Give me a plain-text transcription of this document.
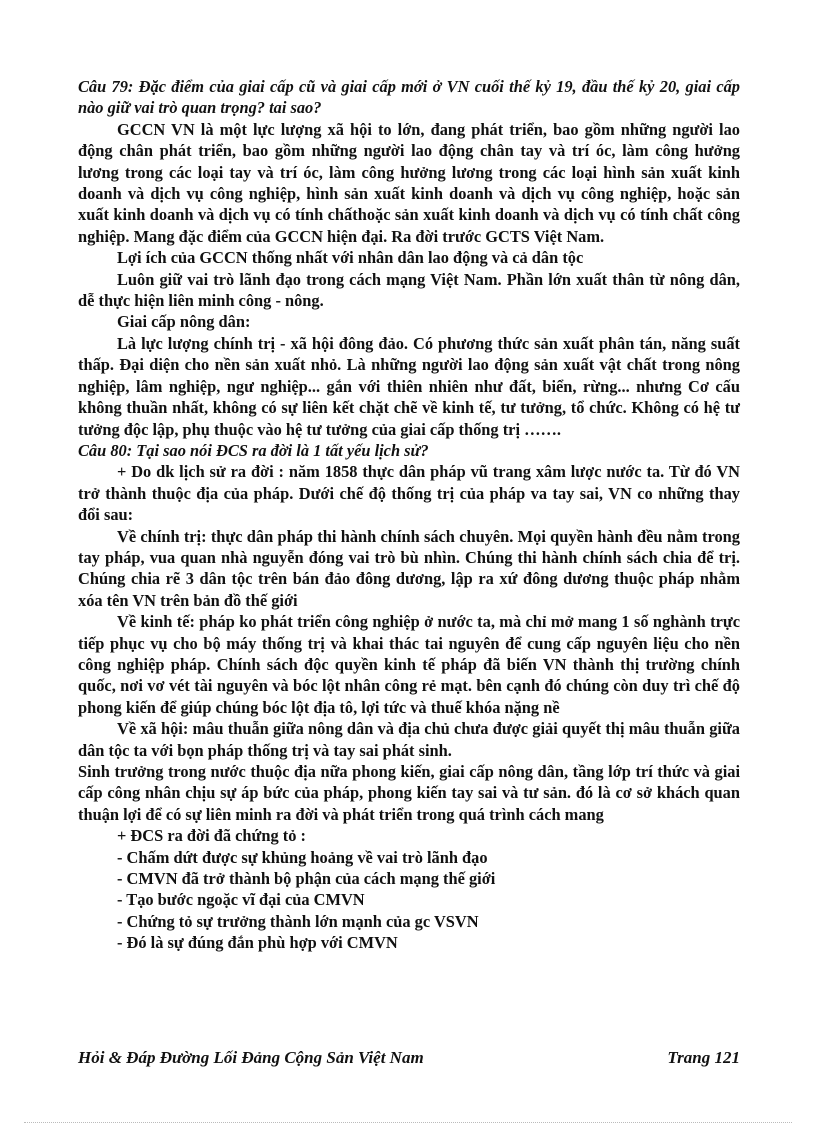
Câu 79: Đặc điểm của giai cấp cũ và giai cấp mới ở VN cuối thế kỷ 19, đầu thế kỷ 20, giai cấp nào giữ vai trò quan trọng? tai sao?

GCCN VN là một lực lượng xã hội to lớn, đang phát triển, bao gồm những người lao động chân phát triển, bao gồm những người lao động chân tay và trí óc, làm công hưởng lương trong các loại tay và trí óc, làm công hưởng lương trong các loại hình sản xuất kinh doanh và dịch vụ công nghiệp, hình sản xuất kinh doanh và dịch vụ công nghiệp, hoặc sản xuất kinh doanh và dịch vụ có tính chấthoặc sản xuất kinh doanh và dịch vụ có tính chất công nghiệp. Mang đặc điểm của GCCN hiện đại. Ra đời trước GCTS Việt Nam.

Lợi ích của GCCN thống nhất với nhân dân lao động và cả dân tộc

Luôn giữ vai trò lãnh đạo trong cách mạng Việt Nam. Phần lớn xuất thân từ nông dân, dễ thực hiện liên minh công - nông.

Giai cấp nông dân:

Là lực lượng chính trị - xã hội đông đảo. Có phương thức sản xuất phân tán, năng suất thấp. Đại diện cho nền sản xuất nhỏ. Là những người lao động sản xuất vật chất trong nông nghiệp, lâm nghiệp, ngư nghiệp... gắn với thiên nhiên như đất, biển, rừng... nhưng Cơ cấu không thuần nhất, không có sự liên kết chặt chẽ về kinh tế, tư tưởng, tổ chức. Không có hệ tư tưởng độc lập, phụ thuộc vào hệ tư tưởng của giai cấp thống trị …….

Câu 80: Tại sao nói ĐCS ra đời là 1 tất yếu lịch sử?

+ Do dk lịch sử ra đời : năm 1858 thực dân pháp vũ trang xâm lược nước ta. Từ đó VN trở thành thuộc địa của pháp. Dưới chế độ thống trị của pháp va tay sai, VN co những thay đổi sau:

Về chính trị: thực dân pháp thi hành chính sách chuyên. Mọi quyền hành đều nằm trong tay pháp, vua quan nhà nguyễn đóng vai trò bù nhìn. Chúng thi hành chính sách chia để trị. Chúng chia rẽ 3 dân tộc trên bán đảo đông dương, lập ra xứ đông dương thuộc pháp nhằm xóa tên VN trên bản đồ thế giới

Về kinh tế: pháp ko phát triển công nghiệp ở nước ta, mà chỉ mở mang 1 số nghành trực tiếp phục vụ cho bộ máy thống trị và khai thác tai nguyên để cung cấp nguyên liệu cho nền công nghiệp pháp. Chính sách độc quyền kinh tế pháp đã biến VN thành thị trường chính quốc, nơi vơ vét tài nguyên và bóc lột nhân công rẻ mạt. bên cạnh đó chúng còn duy trì chế độ phong kiến để giúp chúng bóc lột địa tô, lợi tức và thuế khóa nặng nề

Về xã hội: mâu thuẫn giữa nông dân và địa chủ chưa được giải quyết thị mâu thuẫn giữa dân tộc ta với bọn pháp thống trị và tay sai phát sinh.

Sinh trưởng trong nước thuộc địa nữa phong kiến, giai cấp nông dân, tầng lớp trí thức và giai cấp công nhân chịu sự áp bức của pháp, phong kiến tay sai và tư sản. đó là cơ sở khách quan thuận lợi để có sự liên minh ra đời và phát triển trong quá trình cách mang

+ ĐCS ra đời đã chứng tỏ :

- Chấm dứt được sự khủng hoảng về vai trò lãnh đạo

- CMVN đã trở thành bộ phận của cách mạng thế giới

- Tạo bước ngoặc vĩ đại của CMVN

- Chứng tỏ sự trưởng thành lớn mạnh của gc VSVN

- Đó là sự đúng đắn phù hợp với CMVN

Hỏi & Đáp Đường Lối Đảng Cộng Sản Việt Nam	Trang 121
